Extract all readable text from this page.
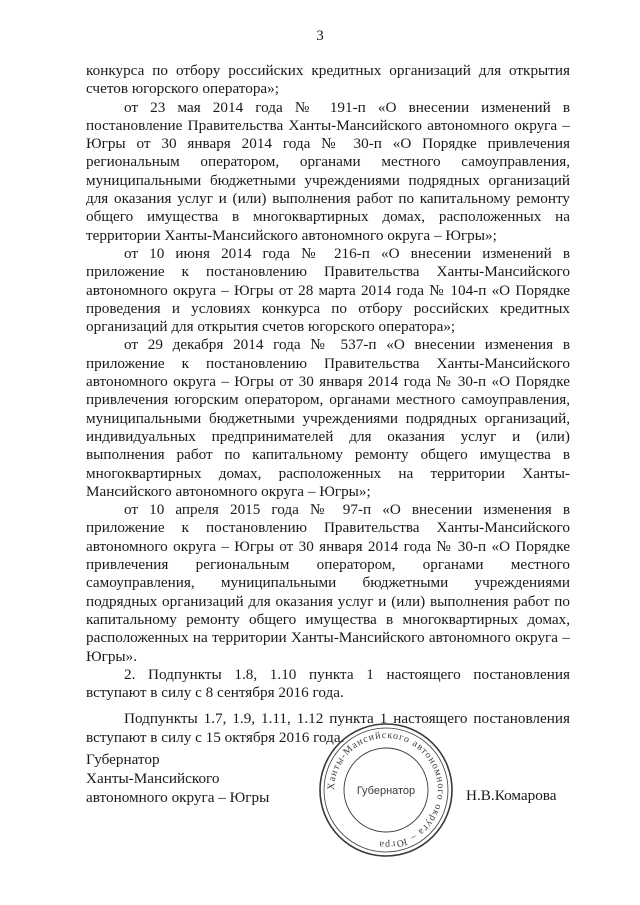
3

конкурса по отбору российских кредитных организаций для открытия счетов югорского оператора»;

от 23 мая 2014 года № 191-п «О внесении изменений в постановление Правительства Ханты-Мансийского автономного округа – Югры от 30 января 2014 года № 30-п «О Порядке привлечения региональным оператором, органами местного самоуправления, муниципальными бюджетными учреждениями подрядных организаций для оказания услуг и (или) выполнения работ по капитальному ремонту общего имущества в многоквартирных домах, расположенных на территории Ханты-Мансийского автономного округа – Югры»;

от 10 июня 2014 года № 216-п «О внесении изменений в приложение к постановлению Правительства Ханты-Мансийского автономного округа – Югры от 28 марта 2014 года № 104-п «О Порядке проведения и условиях конкурса по отбору российских кредитных организаций для открытия счетов югорского оператора»;

от 29 декабря 2014 года № 537-п «О внесении изменения в приложение к постановлению Правительства Ханты-Мансийского автономного округа – Югры от 30 января 2014 года № 30-п «О Порядке привлечения югорским оператором, органами местного самоуправления, муниципальными бюджетными учреждениями подрядных организаций, индивидуальных предпринимателей для оказания услуг и (или) выполнения работ по капитальному ремонту общего имущества в многоквартирных домах, расположенных на территории Ханты-Мансийского автономного округа – Югры»;

от 10 апреля 2015 года № 97-п «О внесении изменения в приложение к постановлению Правительства Ханты-Мансийского автономного округа – Югры от 30 января 2014 года № 30-п «О Порядке привлечения региональным оператором, органами местного самоуправления, муниципальными бюджетными учреждениями подрядных организаций для оказания услуг и (или) выполнения работ по капитальному ремонту общего имущества в многоквартирных домах, расположенных на территории Ханты-Мансийского автономного округа – Югры».

2. Подпункты 1.8, 1.10 пункта 1 настоящего постановления вступают в силу с 8 сентября 2016 года.

Подпункты 1.7, 1.9, 1.11, 1.12 пункта 1 настоящего постановления вступают в силу с 15 октября 2016 года.

Губернатор
Ханты-Мансийского
автономного округа – Югры
Ханты-Мансийского автономного округа – Югра
Губернатор	Н.В.Комарова
